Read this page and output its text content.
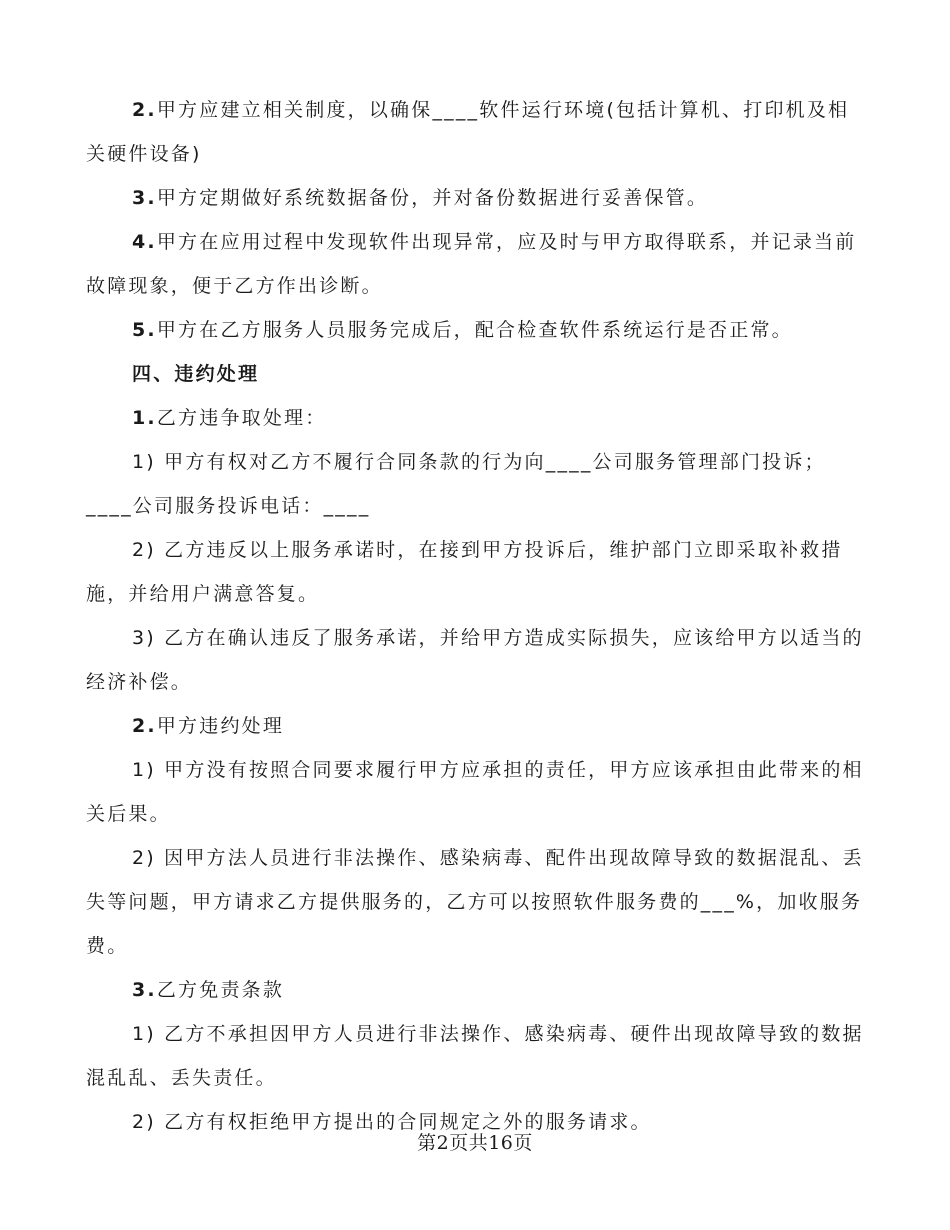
2.甲方应建立相关制度，以确保____软件运行环境(包括计算机、打印机及相关硬件设备)

3.甲方定期做好系统数据备份，并对备份数据进行妥善保管。

4.甲方在应用过程中发现软件出现异常，应及时与甲方取得联系，并记录当前故障现象，便于乙方作出诊断。

5.甲方在乙方服务人员服务完成后，配合检查软件系统运行是否正常。

四、违约处理

1.乙方违争取处理：

1) 甲方有权对乙方不履行合同条款的行为向____公司服务管理部门投诉；____公司服务投诉电话：____

2) 乙方违反以上服务承诺时，在接到甲方投诉后，维护部门立即采取补救措施，并给用户满意答复。

3) 乙方在确认违反了服务承诺，并给甲方造成实际损失，应该给甲方以适当的经济补偿。

2.甲方违约处理

1) 甲方没有按照合同要求履行甲方应承担的责任，甲方应该承担由此带来的相关后果。

2) 因甲方法人员进行非法操作、感染病毒、配件出现故障导致的数据混乱、丢失等问题，甲方请求乙方提供服务的，乙方可以按照软件服务费的___%，加收服务费。

3.乙方免责条款

1) 乙方不承担因甲方人员进行非法操作、感染病毒、硬件出现故障导致的数据混乱乱、丢失责任。

2) 乙方有权拒绝甲方提出的合同规定之外的服务请求。

第2页共16页
